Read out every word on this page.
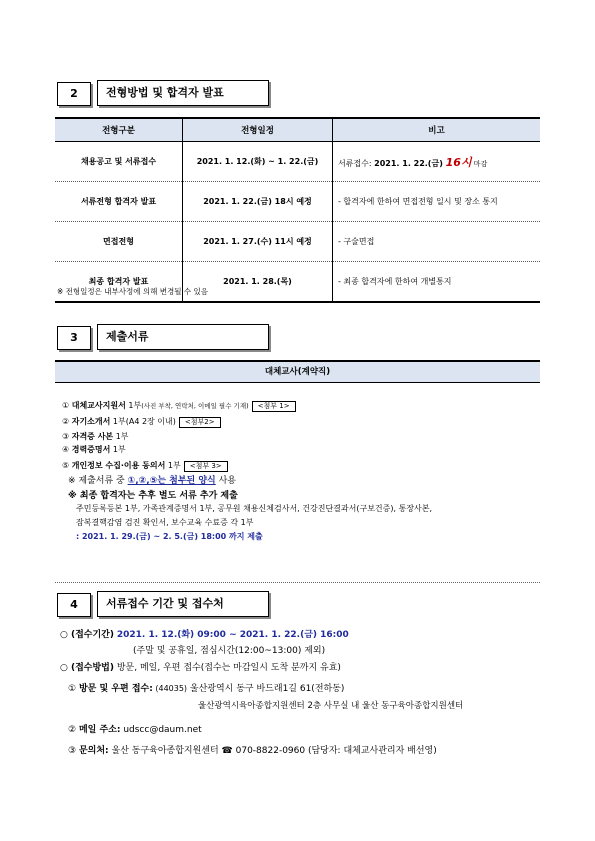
2	전형방법 및 합격자 발표
전형구분	전형일정	비고
채용공고 및 서류접수	2021. 1. 12.(화) ~ 1. 22.(금)	서류접수: 2021. 1. 22.(금) 16시 마감
서류전형 합격자 발표	2021. 1. 22.(금) 18시 예정	- 합격자에 한하여 면접전형 일시 및 장소 통지
면접전형	2021. 1. 27.(수) 11시 예정	- 구술면접
최종 합격자 발표	2021. 1. 28.(목)	- 최종 합격자에 한하여 개별통지
※ 전형일정은 내부사정에 의해 변경될 수 있음
3	제출서류
대체교사(계약직)
① 대체교사지원서 1부(사진 부착, 연락처, 이메일 필수 기재) <첨부 1>
② 자기소개서 1부(A4 2장 이내) <첨부2>
③ 자격증 사본 1부
④ 경력증명서 1부
⑤ 개인정보 수집·이용 동의서 1부 <첨부 3>
※ 제출서류 중 ①,②,⑤는 첨부된 양식 사용
※ 최종 합격자는 추후 별도 서류 추가 제출
주민등록등본 1부, 가족관계증명서 1부, 공무원 채용신체검사서, 건강진단결과서(구보건증), 통장사본,
잠복결핵감염 검진 확인서, 보수교육 수료증 각 1부
: 2021. 1. 29.(금) ~ 2. 5.(금) 18:00 까지 제출
4	서류접수 기간 및 접수처
○ (접수기간) 2021. 1. 12.(화) 09:00 ~ 2021. 1. 22.(금) 16:00
(주말 및 공휴일, 점심시간(12:00~13:00) 제외)
○ (접수방법) 방문, 메일, 우편 접수(접수는 마감일시 도착 분까지 유효)
① 방문 및 우편 접수: (44035) 울산광역시 동구 바드래1길 61(전하동)
울산광역시육아종합지원센터 2층 사무실 내 울산 동구육아종합지원센터
② 메일 주소: udscc@daum.net
③ 문의처: 울산 동구육아종합지원센터 ☎ 070-8822-0960 (담당자: 대체교사관리자 배선영)
